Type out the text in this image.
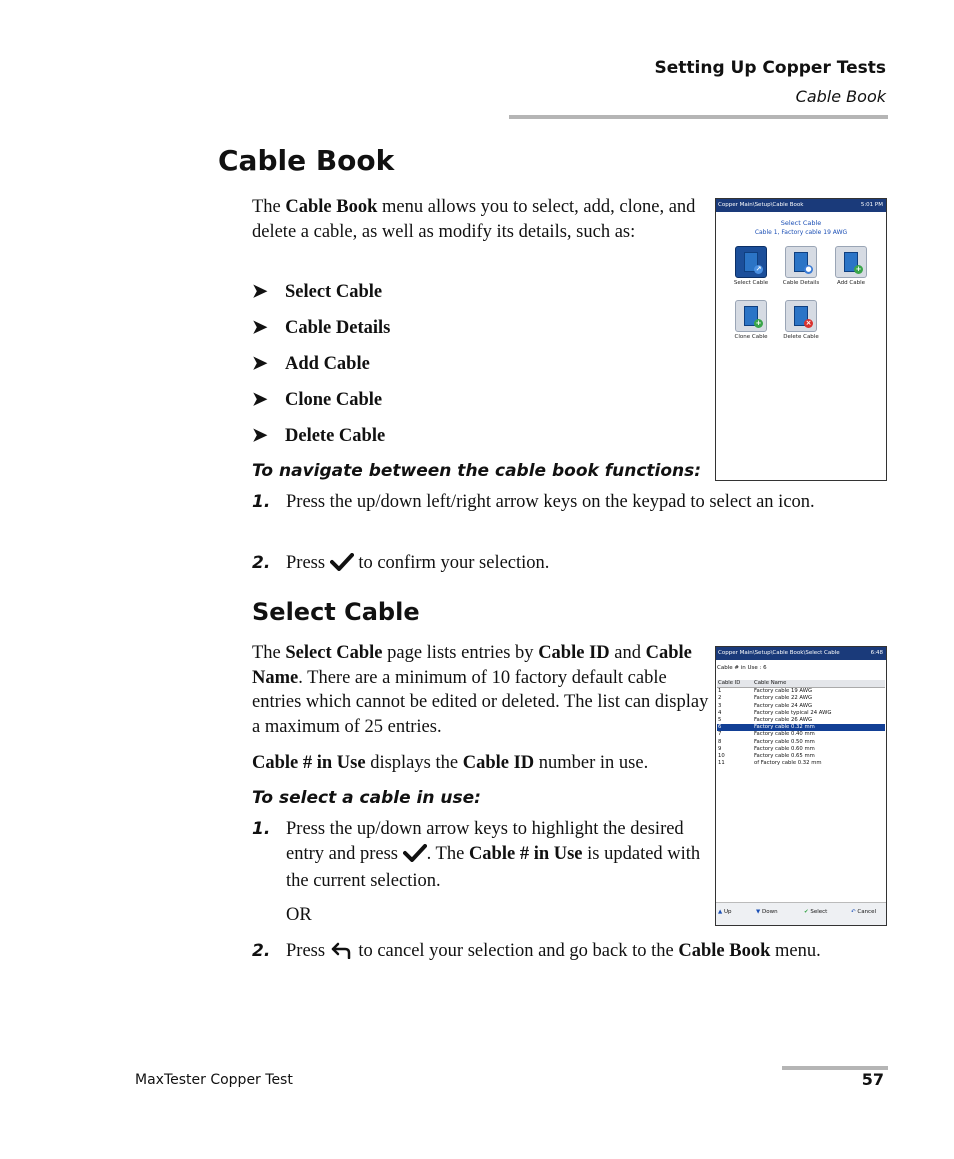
Setting Up Copper Tests
Cable Book
Cable Book

The Cable Book menu allows you to select, add, clone, and delete a cable, as well as modify its details, such as:

➤ Select Cable
➤ Cable Details
➤ Add Cable
➤ Clone Cable
➤ Delete Cable
Copper Main\Setup\Cable Book	5:01 PM
Select Cable
Cable 1, Factory cable 19 AWG
↗
Select Cable
●
Cable Details
+
Add Cable
+
Clone Cable
×
Delete Cable
To navigate between the cable book functions:
1. Press the up/down left/right arrow keys on the keypad to select an icon.

2. Press  to confirm your selection.

Select Cable

The Select Cable page lists entries by Cable ID and Cable Name. There are a minimum of 10 factory default cable entries which cannot be edited or deleted. The list can display a maximum of 25 entries.

Cable # in Use displays the Cable ID number in use.

Copper Main\Setup\Cable Book\Select Cable	6:48
Cable # in Use : 6
Cable ID	Cable Name
1	Factory cable 19 AWG
2	Factory cable 22 AWG
3	Factory cable 24 AWG
4	Factory cable typical 24 AWG
5	Factory cable 26 AWG
6	Factory cable 0.32 mm
7	Factory cable 0.40 mm
8	Factory cable 0.50 mm
9	Factory cable 0.60 mm
10	Factory cable 0.65 mm
11	of Factory cable 0.32 mm
▲ Up	▼ Down	✔ Select	↶ Cancel
To select a cable in use:
1. Press the up/down arrow keys to highlight the desired entry and press . The Cable # in Use is updated with the current selection.

OR

2. Press  to cancel your selection and go back to the Cable Book menu.

MaxTester Copper Test	57
